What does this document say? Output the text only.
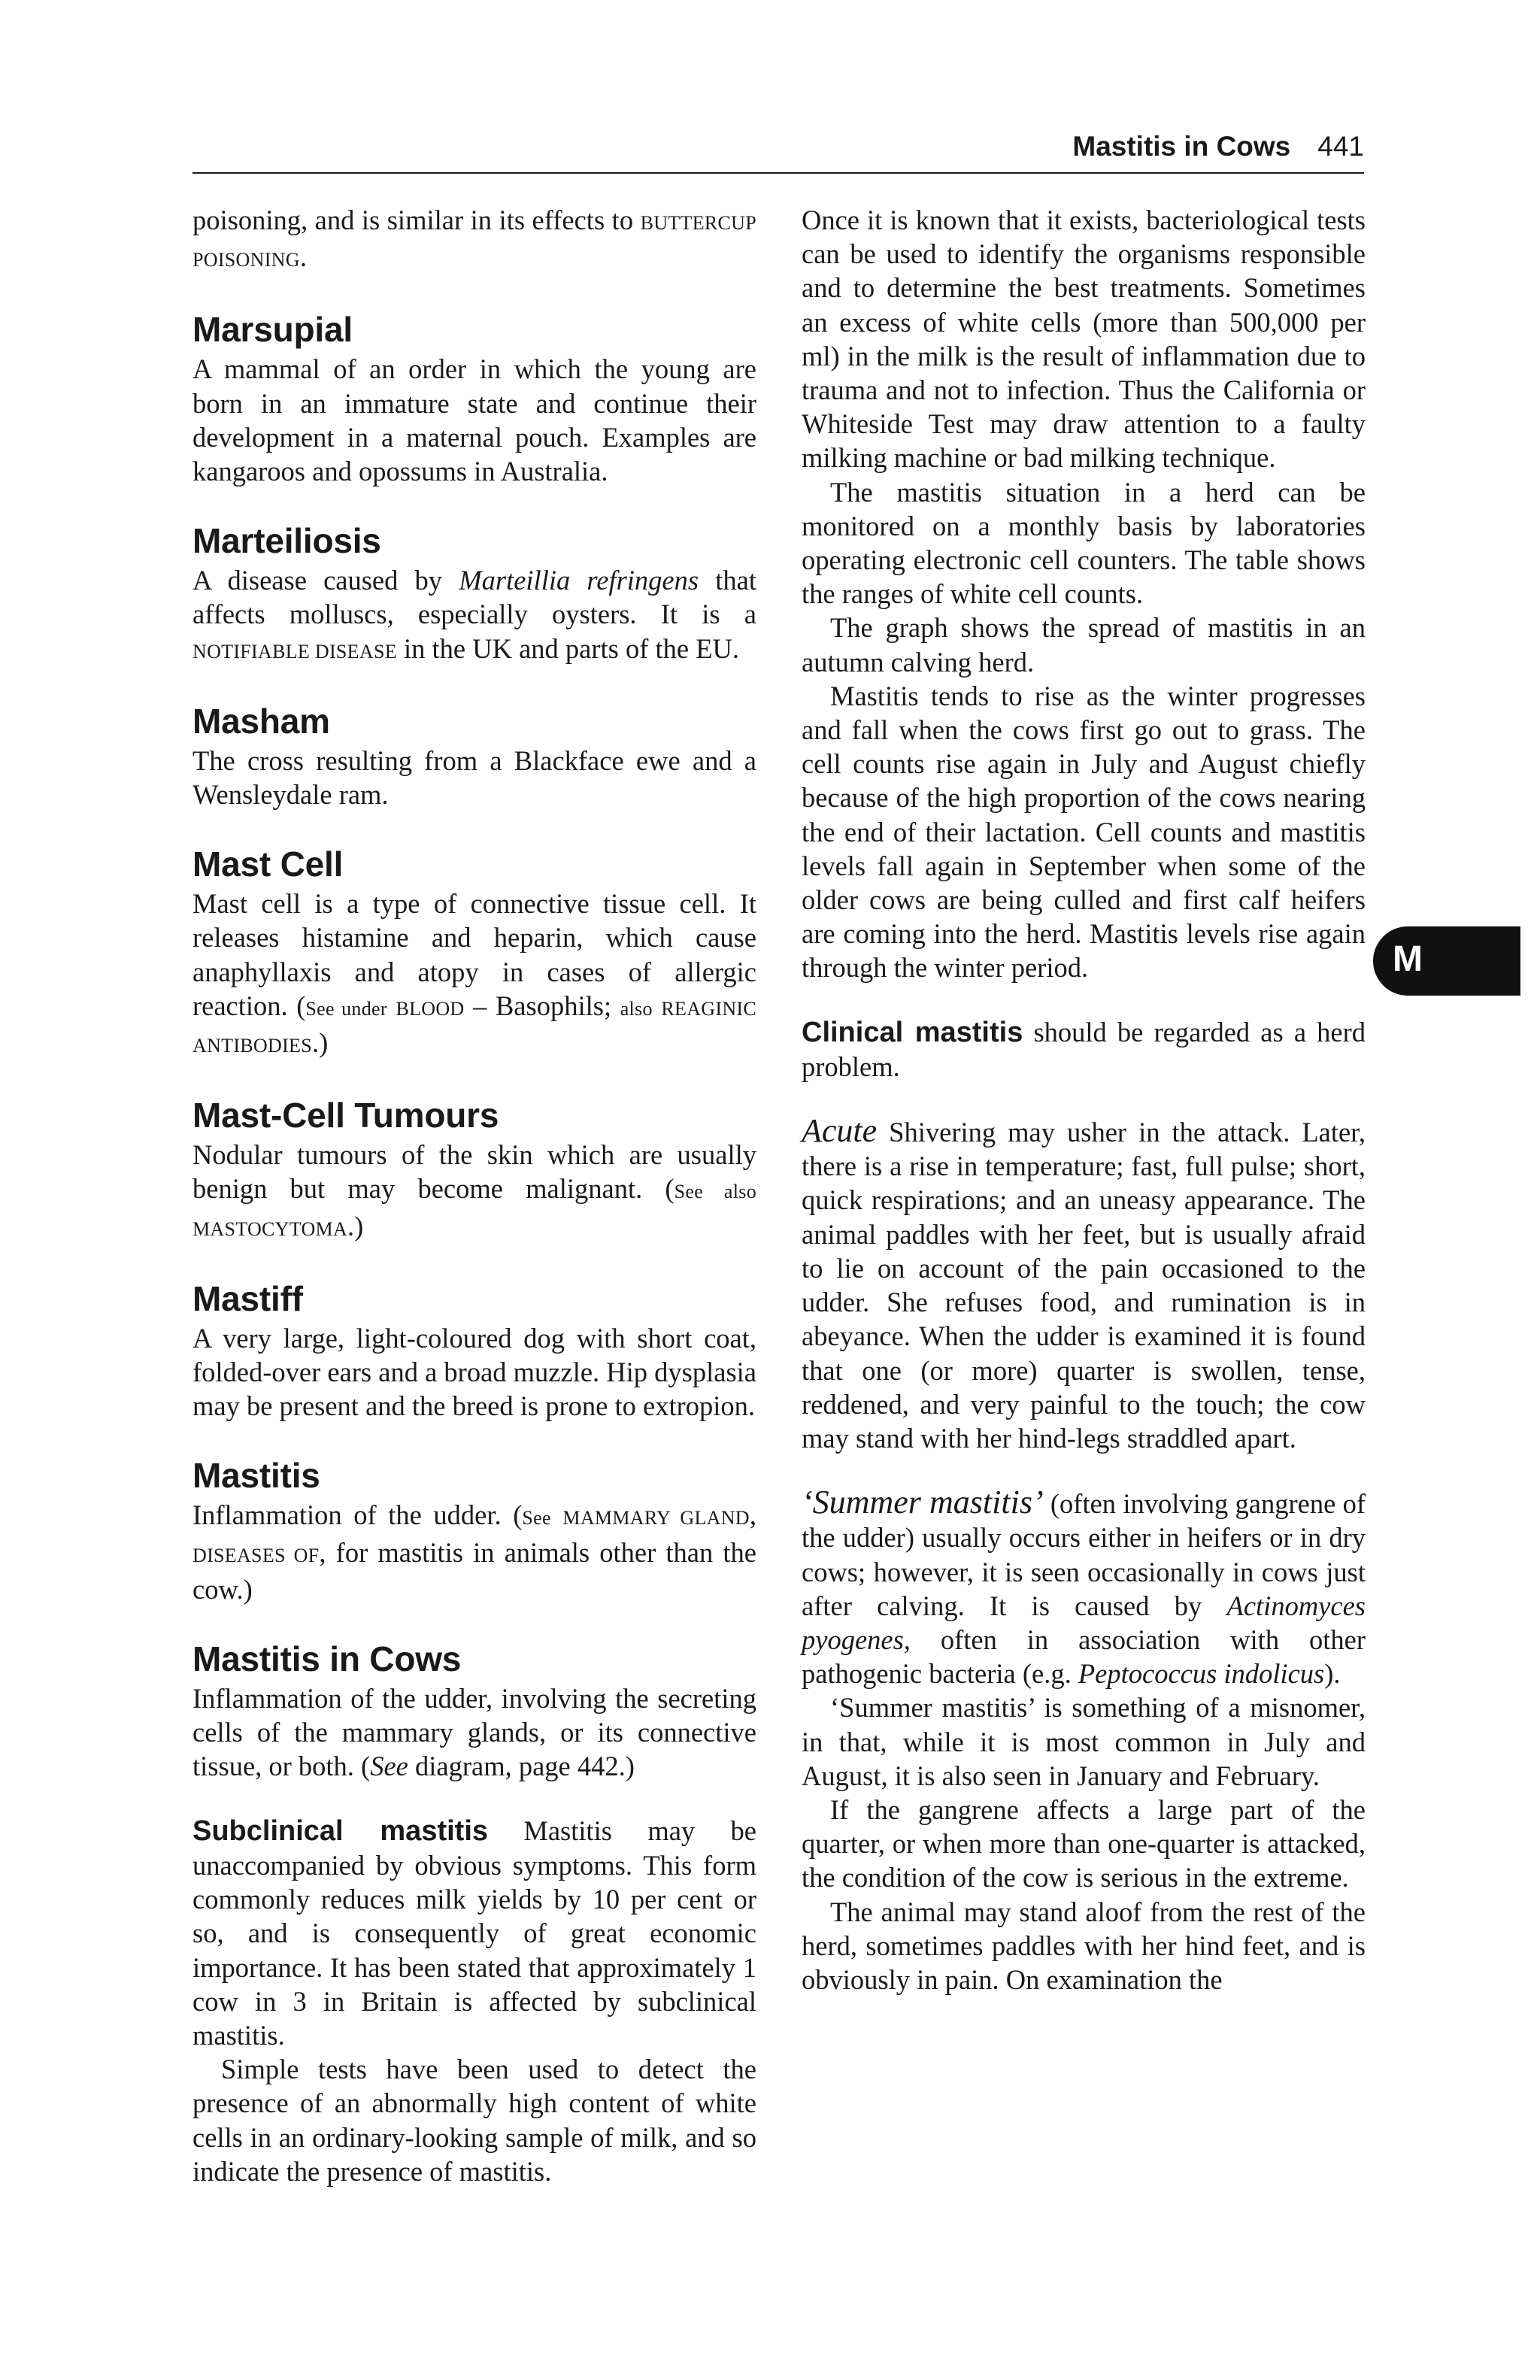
Mastitis in Cows 441

poisoning, and is similar in its effects to BUTTERCUP POISONING.

Marsupial

A mammal of an order in which the young are born in an immature state and continue their development in a maternal pouch. Examples are kangaroos and opossums in Australia.

Marteiliosis

A disease caused by Marteillia refringens that affects molluscs, especially oysters. It is a NOTIFIABLE DISEASE in the UK and parts of the EU.

Masham

The cross resulting from a Blackface ewe and a Wensleydale ram.

Mast Cell

Mast cell is a type of connective tissue cell. It releases histamine and heparin, which cause anaphyllaxis and atopy in cases of allergic reaction. (See under BLOOD – Basophils; also REAGINIC ANTIBODIES.)

Mast-Cell Tumours

Nodular tumours of the skin which are usually benign but may become malignant. (See also MASTOCYTOMA.)

Mastiff

A very large, light-coloured dog with short coat, folded-over ears and a broad muzzle. Hip dysplasia may be present and the breed is prone to extropion.

Mastitis

Inflammation of the udder. (See MAMMARY GLAND, DISEASES OF, for mastitis in animals other than the cow.)

Mastitis in Cows

Inflammation of the udder, involving the secreting cells of the mammary glands, or its connective tissue, or both. (See diagram, page 442.)

Subclinical mastitis Mastitis may be unaccompanied by obvious symptoms. This form commonly reduces milk yields by 10 per cent or so, and is consequently of great economic importance. It has been stated that approximately 1 cow in 3 in Britain is affected by subclinical mastitis.

Simple tests have been used to detect the presence of an abnormally high content of white cells in an ordinary-looking sample of milk, and so indicate the presence of mastitis.

Once it is known that it exists, bacteriological tests can be used to identify the organisms responsible and to determine the best treatments. Sometimes an excess of white cells (more than 500,000 per ml) in the milk is the result of inflammation due to trauma and not to infection. Thus the California or Whiteside Test may draw attention to a faulty milking machine or bad milking technique.

The mastitis situation in a herd can be monitored on a monthly basis by laboratories operating electronic cell counters. The table shows the ranges of white cell counts.

The graph shows the spread of mastitis in an autumn calving herd.

Mastitis tends to rise as the winter progresses and fall when the cows first go out to grass. The cell counts rise again in July and August chiefly because of the high proportion of the cows nearing the end of their lactation. Cell counts and mastitis levels fall again in September when some of the older cows are being culled and first calf heifers are coming into the herd. Mastitis levels rise again through the winter period.

Clinical mastitis should be regarded as a herd problem.

Acute Shivering may usher in the attack. Later, there is a rise in temperature; fast, full pulse; short, quick respirations; and an uneasy appearance. The animal paddles with her feet, but is usually afraid to lie on account of the pain occasioned to the udder. She refuses food, and rumination is in abeyance. When the udder is examined it is found that one (or more) quarter is swollen, tense, reddened, and very painful to the touch; the cow may stand with her hind-legs straddled apart.

‘Summer mastitis’ (often involving gangrene of the udder) usually occurs either in heifers or in dry cows; however, it is seen occasionally in cows just after calving. It is caused by Actinomyces pyogenes, often in association with other pathogenic bacteria (e.g. Peptococcus indolicus).

‘Summer mastitis’ is something of a misnomer, in that, while it is most common in July and August, it is also seen in January and February.

If the gangrene affects a large part of the quarter, or when more than one-quarter is attacked, the condition of the cow is serious in the extreme.

The animal may stand aloof from the rest of the herd, sometimes paddles with her hind feet, and is obviously in pain. On examination the

M
